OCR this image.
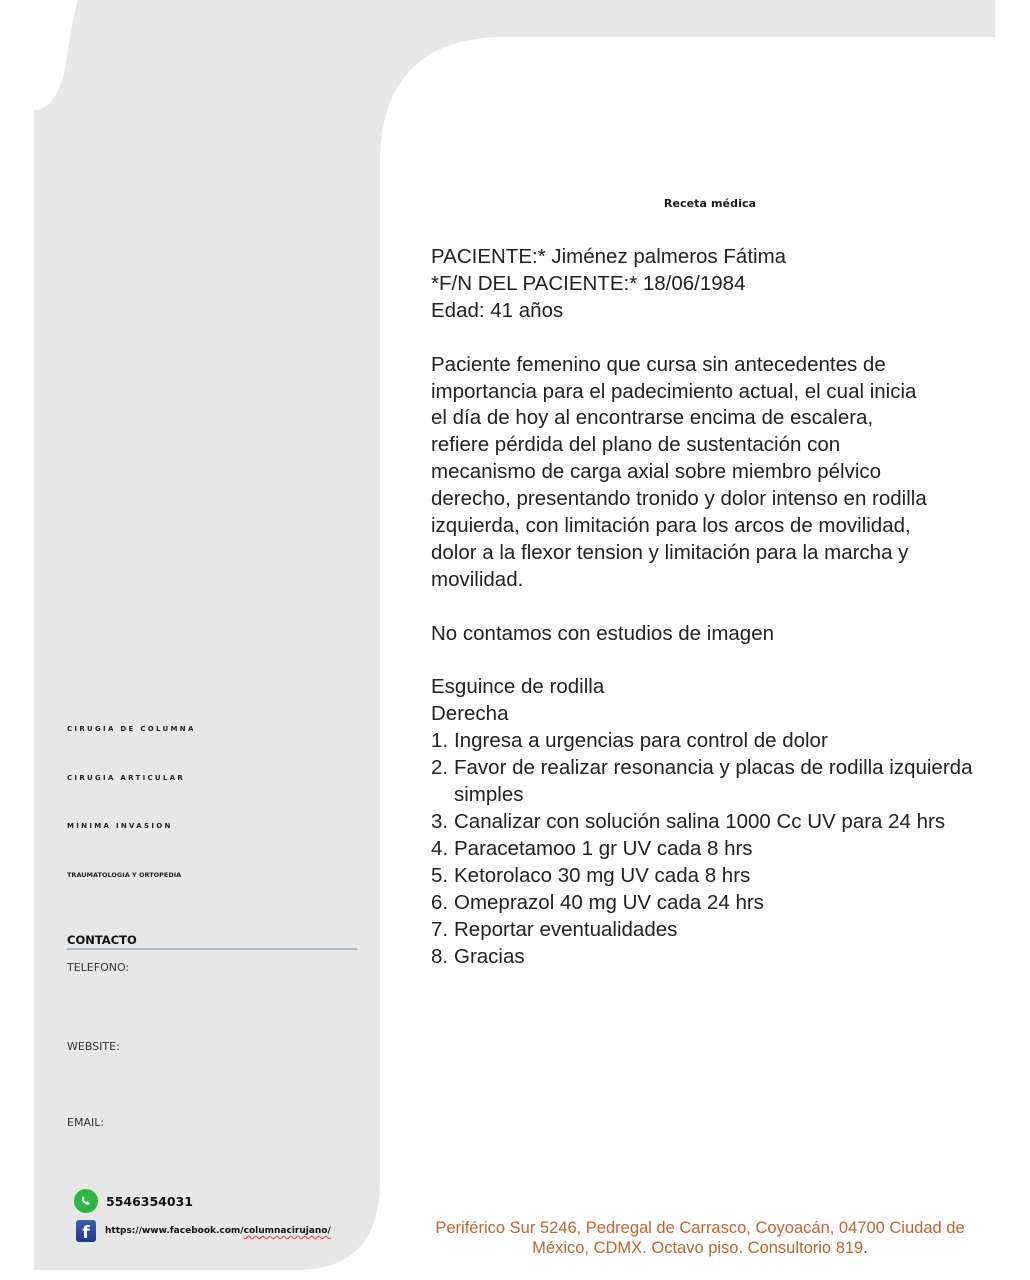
Receta médica

PACIENTE:* Jiménez palmeros Fátima

*F/N DEL PACIENTE:* 18/06/1984

Edad: 41 años

Paciente femenino que cursa sin antecedentes de

importancia para el padecimiento actual, el cual inicia

el día de hoy al encontrarse encima de escalera,

refiere pérdida del plano de sustentación con

mecanismo de carga axial sobre miembro pélvico

derecho, presentando tronido y dolor intenso en rodilla

izquierda, con limitación para los arcos de movilidad,

dolor a la flexor tension y limitación para la marcha y

movilidad.

No contamos con estudios de imagen

Esguince de rodilla

Derecha

1. Ingresa a urgencias para control de dolor
2. Favor de realizar resonancia y placas de rodilla izquierda simples
3. Canalizar con solución salina 1000 Cc UV para 24 hrs
4. Paracetamoo 1 gr UV cada 8 hrs
5. Ketorolaco 30 mg UV cada 8 hrs
6. Omeprazol 40 mg UV cada 24 hrs
7. Reportar eventualidades
8. Gracias
CIRUGIA DE COLUMNA
CIRUGIA ARTICULAR
MINIMA INVASION
TRAUMATOLOGIA Y ORTOPEDIA
CONTACTO
TELEFONO:
WEBSITE:
EMAIL:
5546354031
f	https://www.facebook.com/columnacirujano/	Periférico Sur 5246, Pedregal de Carrasco, Coyoacán, 04700 Ciudad de
México, CDMX. Octavo piso. Consultorio 819.
